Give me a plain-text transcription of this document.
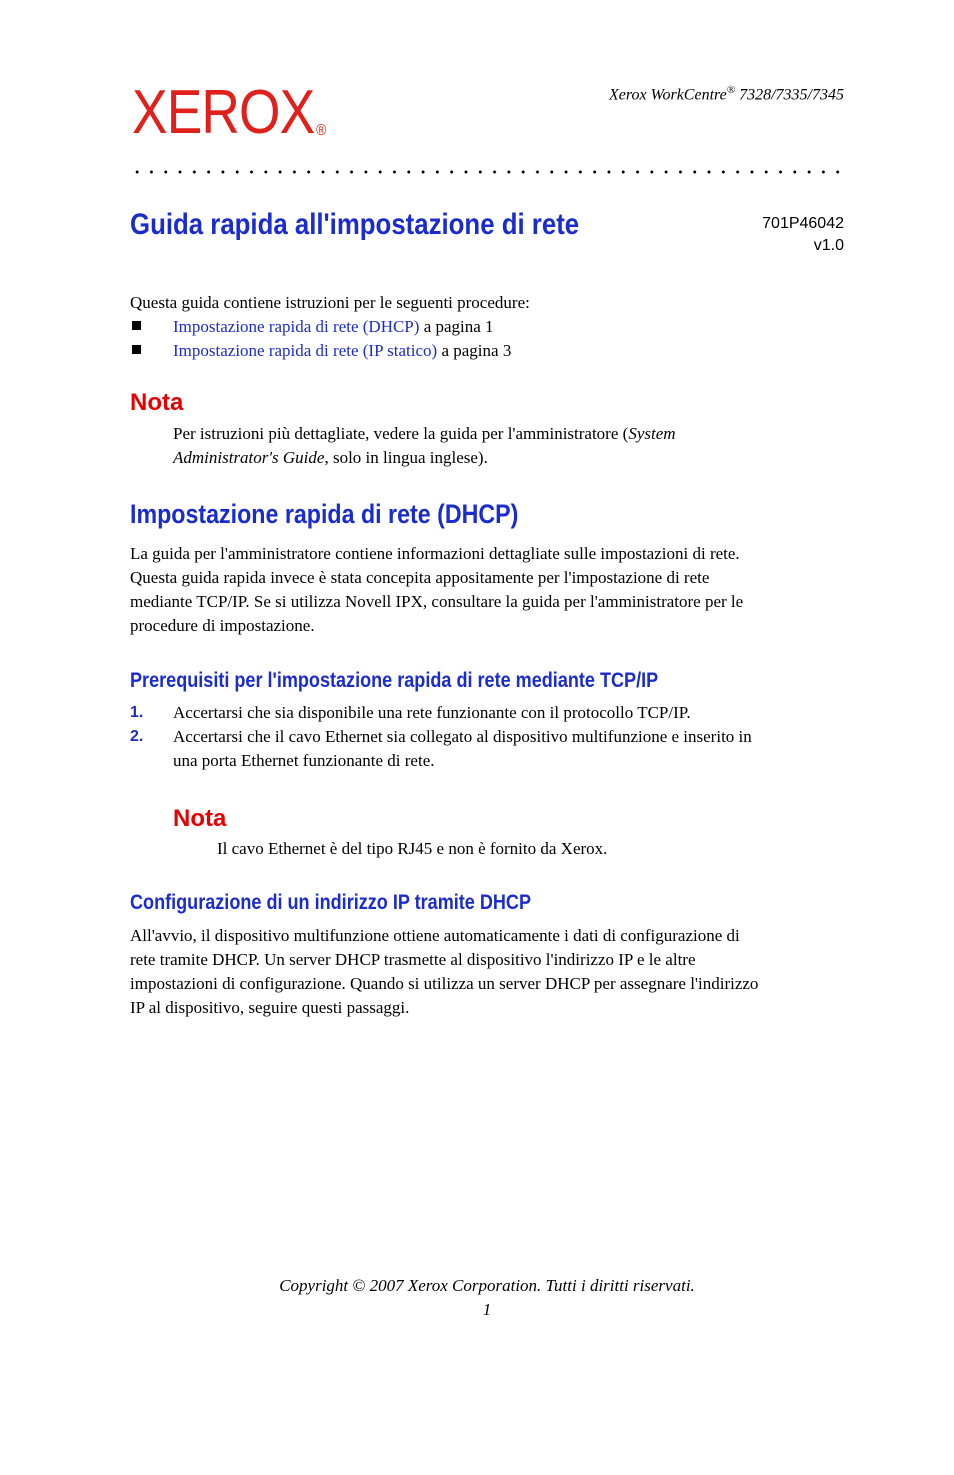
XEROX ®
Xerox WorkCentre® 7328/7335/7345
Guida rapida all'impostazione di rete	701P46042
v1.0
Questa guida contiene istruzioni per le seguenti procedure:
Impostazione rapida di rete (DHCP) a pagina 1
Impostazione rapida di rete (IP statico) a pagina 3
Nota
Per istruzioni più dettagliate, vedere la guida per l'amministratore (System
Administrator's Guide, solo in lingua inglese).
Impostazione rapida di rete (DHCP)
La guida per l'amministratore contiene informazioni dettagliate sulle impostazioni di rete.
Questa guida rapida invece è stata concepita appositamente per l'impostazione di rete
mediante TCP/IP. Se si utilizza Novell IPX, consultare la guida per l'amministratore per le
procedure di impostazione.
Prerequisiti per l'impostazione rapida di rete mediante TCP/IP
1. Accertarsi che sia disponibile una rete funzionante con il protocollo TCP/IP.
2. Accertarsi che il cavo Ethernet sia collegato al dispositivo multifunzione e inserito in
una porta Ethernet funzionante di rete.
Nota
Il cavo Ethernet è del tipo RJ45 e non è fornito da Xerox.
Configurazione di un indirizzo IP tramite DHCP
All'avvio, il dispositivo multifunzione ottiene automaticamente i dati di configurazione di
rete tramite DHCP. Un server DHCP trasmette al dispositivo l'indirizzo IP e le altre
impostazioni di configurazione. Quando si utilizza un server DHCP per assegnare l'indirizzo
IP al dispositivo, seguire questi passaggi.
Copyright © 2007 Xerox Corporation. Tutti i diritti riservati.
1
